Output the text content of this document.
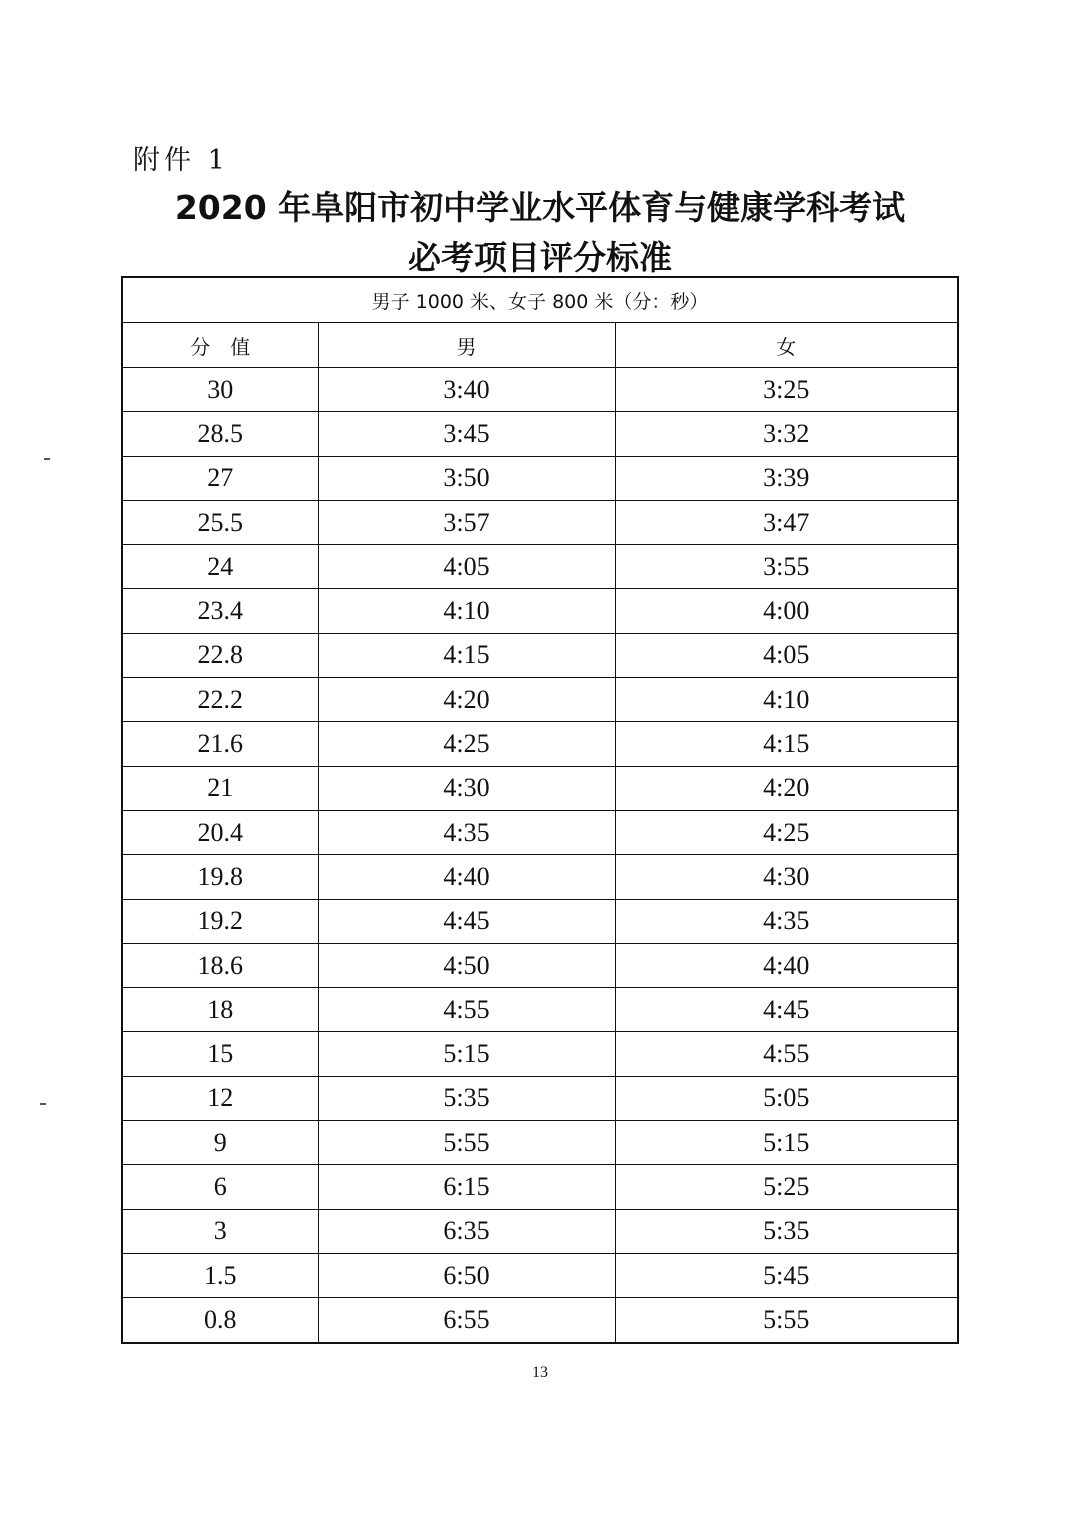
附件 1
2020 年阜阳市初中学业水平体育与健康学科考试
必考项目评分标准
男子 1000 米、女子 800 米（分：秒）		
分　值	男	女
30	3:40	3:25
28.5	3:45	3:32
27	3:50	3:39
25.5	3:57	3:47
24	4:05	3:55
23.4	4:10	4:00
22.8	4:15	4:05
22.2	4:20	4:10
21.6	4:25	4:15
21	4:30	4:20
20.4	4:35	4:25
19.8	4:40	4:30
19.2	4:45	4:35
18.6	4:50	4:40
18	4:55	4:45
15	5:15	4:55
12	5:35	5:05
9	5:55	5:15
6	6:15	5:25
3	6:35	5:35
1.5	6:50	5:45
0.8	6:55	5:55
13
